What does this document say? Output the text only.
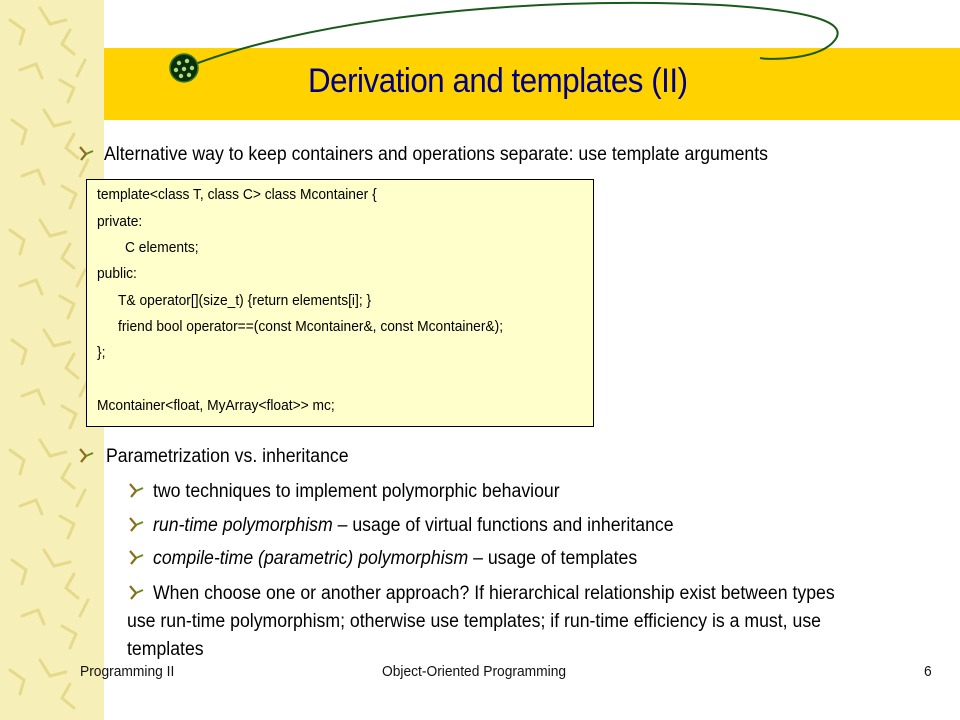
Derivation and templates (II)
Alternative way to keep containers and operations separate: use template arguments
template<class T, class C> class Mcontainer {
private:
C elements;
public:
T& operator[](size_t) {return elements[i]; }
friend bool operator==(const Mcontainer&, const Mcontainer&);
};
Mcontainer<float, MyArray<float>> mc;
Parametrization vs. inheritance
two techniques to implement polymorphic behaviour
run-time polymorphism – usage of virtual functions and inheritance
compile-time (parametric) polymorphism – usage of templates
When choose one or another approach? If hierarchical relationship exist between types
use run-time polymorphism; otherwise use templates; if run-time efficiency is a must, use
templates
Programming II	Object-Oriented Programming	6
